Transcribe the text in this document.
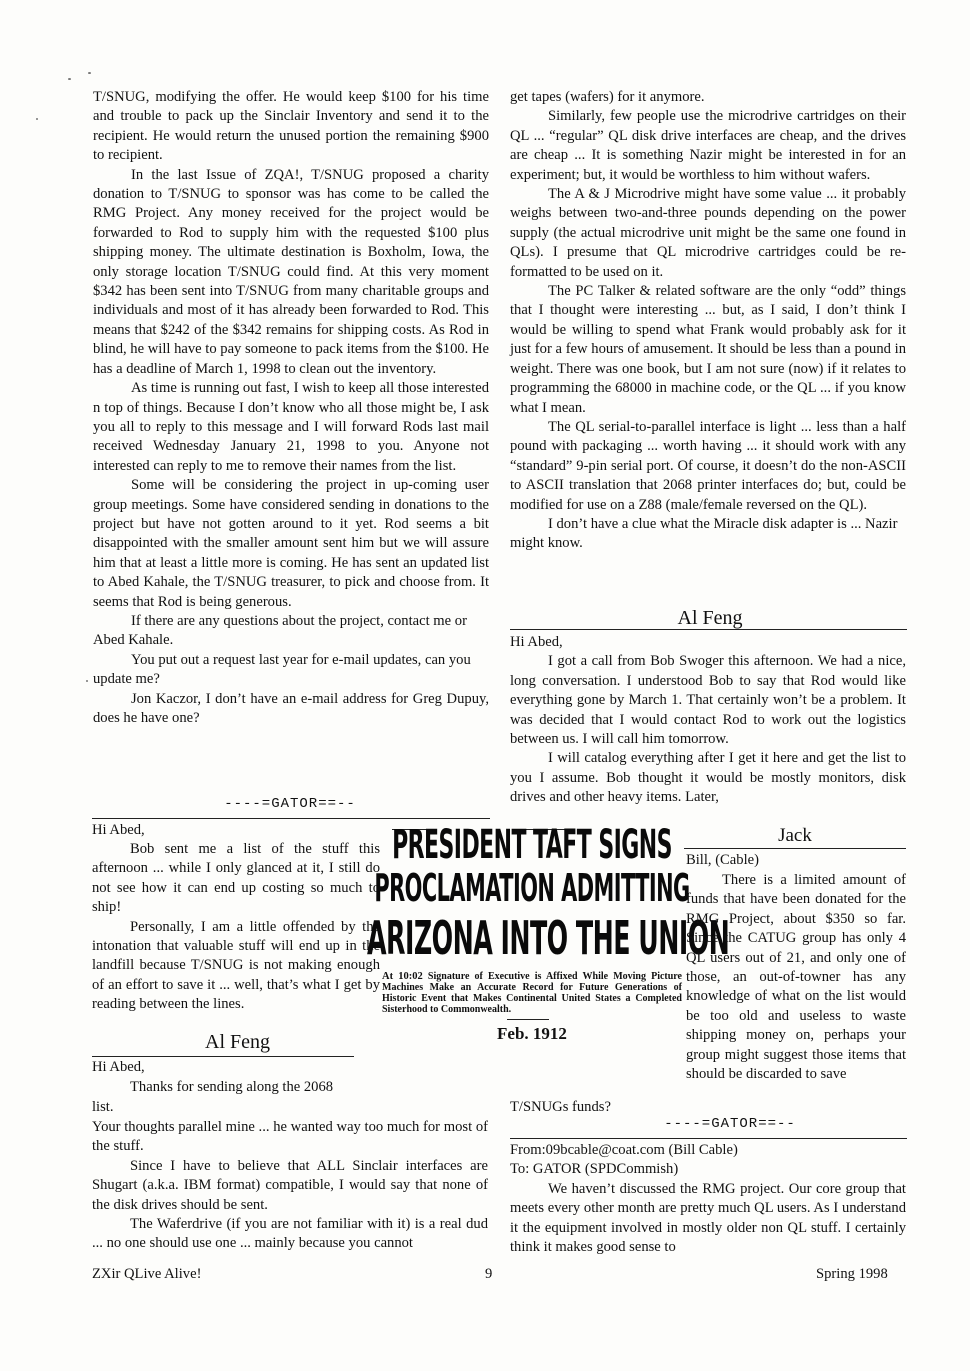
T/SNUG, modifying the offer. He would keep $100 for his time and trouble to pack up the Sinclair Inventory and send it to the recipient. He would return the unused portion the remaining $900 to recipient.

In the last Issue of ZQA!, T/SNUG proposed a charity donation to T/SNUG to sponsor was has come to be called the RMG Project. Any money received for the project would be forwarded to Rod to supply him with the requested $100 plus shipping money. The ultimate destination is Boxholm, Iowa, the only storage location T/SNUG could find. At this very moment $342 has been sent into T/SNUG from many charitable groups and individuals and most of it has already been forwarded to Rod. This means that $242 of the $342 remains for shipping costs. As Rod in blind, he will have to pay someone to pack items from the $100. He has a deadline of March 1, 1998 to clean out the inventory.

As time is running out fast, I wish to keep all those interested n top of things. Because I don’t know who all those might be, I ask you all to reply to this message and I will forward Rods last mail received Wednesday January 21, 1998 to you. Anyone not interested can reply to me to remove their names from the list.

Some will be considering the project in up-coming user group meetings. Some have considered sending in donations to the project but have not gotten around to it yet. Rod seems a bit disappointed with the smaller amount sent him but we will assure him that at least a little more is coming. He has sent an updated list to Abed Kahale, the T/SNUG treasurer, to pick and choose from. It seems that Rod is being generous.

If there are any questions about the project, contact me or Abed Kahale.

You put out a request last year for e-mail updates, can you update me?

Jon Kaczor, I don’t have an e-mail address for Greg Dupuy, does he have one?

----=GATOR==--
Hi Abed,

Bob sent me a list of the stuff this afternoon ... while I only glanced at it, I still do not see how it can end up costing so much to ship!

Personally, I am a little offended by the intonation that valuable stuff will end up in the landfill because T/SNUG is not making enough of an effort to save it ... well, that’s what I get by reading between the lines.

Al Feng
Hi Abed,
Thanks for sending along the 2068
list.

Your thoughts parallel mine ... he wanted way too much for most of the stuff.

Since I have to believe that ALL Sinclair interfaces are Shugart (a.k.a. IBM format) compatible, I would say that none of the disk drives should be sent.

The Waferdrive (if you are not familiar with it) is a real dud ... no one should use one ... mainly because you cannot

PRESIDENT TAFT SIGNS
PROCLAMATION ADMITTING
ARIZONA INTO THE UNION
At 10:02 Signature of Executive is Affixed While Moving Picture Machines Make an Accurate Record for Future Generations of Historic Event that Makes Continental United States a Completed Sisterhood to Commonwealth.
Feb. 1912

get tapes (wafers) for it anymore.

Similarly, few people use the microdrive cartridges on their QL ... “regular” QL disk drive interfaces are cheap, and the drives are cheap ... It is something Nazir might be interested in for an experiment; but, it would be worthless to him without wafers.

The A & J Microdrive might have some value ... it probably weighs between two-and-three pounds depending on the power supply (the actual microdrive unit might be the same one found in QLs). I presume that QL microdrive cartridges could be re-formatted to be used on it.

The PC Talker & related software are the only “odd” things that I thought were interesting ... but, as I said, I don’t think I would be willing to spend what Frank would probably ask for it just for a few hours of amusement. It should be less than a pound in weight. There was one book, but I am not sure (now) if it relates to programming the 68000 in machine code, or the QL ... if you know what I mean.

The QL serial-to-parallel interface is light ... less than a half pound with packaging ... worth having ... it should work with any “standard” 9-pin serial port. Of course, it doesn’t do the non-ASCII to ASCII translation that 2068 printer interfaces do; but, could be modified for use on a Z88 (male/female reversed on the QL).

I don’t have a clue what the Miracle disk adapter is ... Nazir might know.

Al Feng

Hi Abed,

I got a call from Bob Swoger this afternoon. We had a nice, long conversation. I understood Bob to say that Rod would like everything gone by March 1. That certainly won’t be a problem. It was decided that I would contact Rod to work out the logistics between us. I will call him tomorrow.

I will catalog everything after I get it here and get the list to you I assume. Bob thought it would be mostly monitors, disk drives and other heavy items. Later,

Jack
Bill, (Cable)
There is a limited amount of funds that have been donated for the RMG Project, about $350 so far. Since the CATUG group has only 4 QL users out of 21, and only one of those, an out-of-towner has any knowledge of what on the list would be too old and useless to waste shipping money on, perhaps your group might suggest those items that should be discarded to save
T/SNUGs funds?
----=GATOR==--

From:09bcable@coat.com (Bill Cable)

To: GATOR (SPDCommish)

We haven’t discussed the RMG project. Our core group that meets every other month are pretty much QL users. As I understand it the equipment involved in mostly older non QL stuff. I certainly think it makes good sense to

ZXir QLive Alive!	9	Spring 1998
